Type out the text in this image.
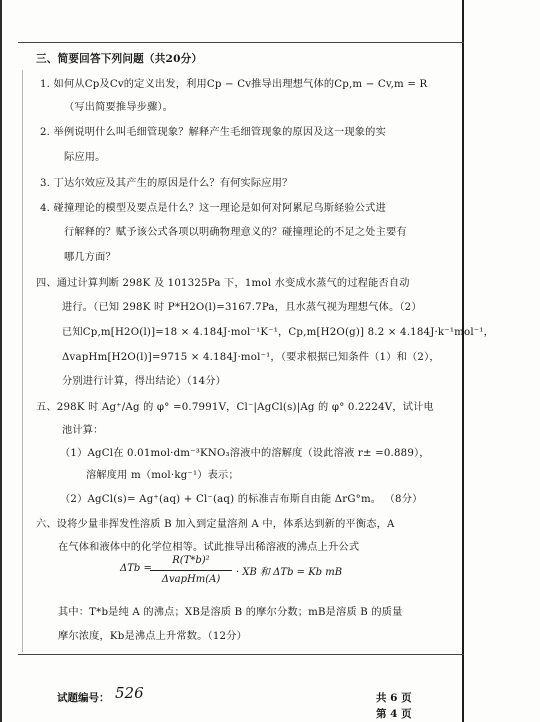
三、简要回答下列问题（共20分）
1. 如何从Cp及Cv的定义出发，利用Cp − Cv推导出理想气体的Cp,m − Cv,m = R
（写出简要推导步骤）。
2. 举例说明什么叫毛细管现象？解释产生毛细管现象的原因及这一现象的实
际应用。
3. 丁达尔效应及其产生的原因是什么？有何实际应用？
4. 碰撞理论的模型及要点是什么？这一理论是如何对阿累尼乌斯経验公式进
行解释的？赋予该公式各项以明确物理意义的？碰撞理论的不足之处主要有
哪几方面？
四、通过计算判断 298K 及 101325Pa 下，1mol 水变成水蒸气的过程能否自动
进行。（已知 298K 时 P*H2O(l)=3167.7Pa，且水蒸气视为理想气体。（2）
已知Cp,m[H2O(l)]=18 × 4.184J·mol⁻¹K⁻¹，Cp,m[H2O(g)] 8.2 × 4.184J·k⁻¹mol⁻¹，
ΔvapHm[H2O(l)]=9715 × 4.184J·mol⁻¹，（要求根据已知条件（1）和（2），
分别进行计算，得出结论）（14分）
五、298K 时 Ag⁺/Ag 的 φ° =0.7991V，Cl⁻|AgCl(s)|Ag 的 φ° 0.2224V，试计电
池计算：
（1）AgCl在 0.01mol·dm⁻³KNO₃溶液中的溶解度（设此溶液 r± =0.889），
溶解度用 m（mol·kg⁻¹）表示；
（2）AgCl(s)= Ag⁺(aq) + Cl⁻(aq) 的标准吉布斯自由能 ΔrG°m。 （8分）
六、设将少量非挥发性溶质 B 加入到定量溶剂 A 中，体系达到新的平衡态，A
在气体和液体中的化学位相等。试此推导出稀溶液的沸点上升公式
ΔTb =
R(T*b)²
ΔvapHm(A)
· XB 和 ΔTb = Kb mB
其中：T*b是纯 A 的沸点；XB是溶质 B 的摩尔分数；mB是溶质 B 的质量
摩尔浓度，Kb是沸点上升常数。（12分）
试题编号： 526	共 6 页
第 4 页
